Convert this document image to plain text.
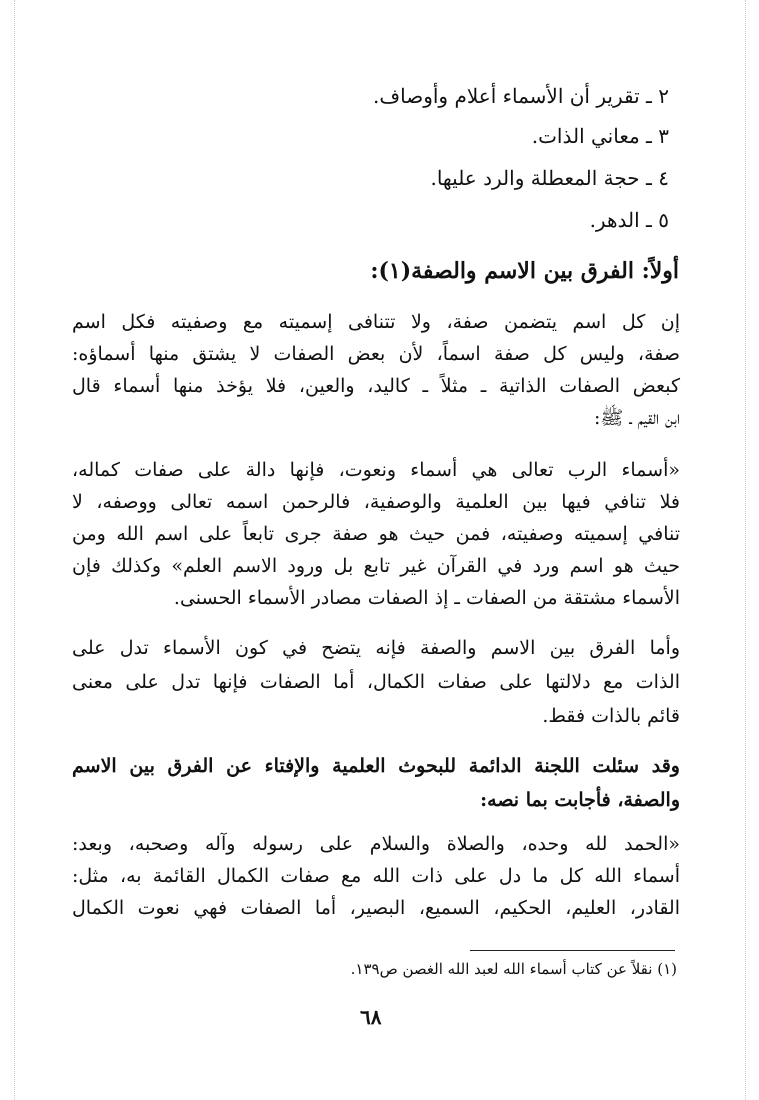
٢ ـ تقرير أن الأسماء أعلام وأوصاف.
٣ ـ معاني الذات.
٤ ـ حجة المعطلة والرد عليها.
٥ ـ الدهر.
أولاً: الفرق بين الاسم والصفة(١):
إن كل اسم يتضمن صفة، ولا تتنافى إسميته مع وصفيته فكل اسم
صفة، وليس كل صفة اسماً، لأن بعض الصفات لا يشتق منها أسماؤه:
كبعض الصفات الذاتية ـ مثلاً ـ كاليد، والعين، فلا يؤخذ منها أسماء قال
ابن القيم ـ ﷺ:
«أسماء الرب تعالى هي أسماء ونعوت، فإنها دالة على صفات كماله،
فلا تنافي فيها بين العلمية والوصفية، فالرحمن اسمه تعالى ووصفه، لا
تنافي إسميته وصفيته، فمن حيث هو صفة جرى تابعاً على اسم الله ومن
حيث هو اسم ورد في القرآن غير تابع بل ورود الاسم العلم» وكذلك فإن
الأسماء مشتقة من الصفات ـ إذ الصفات مصادر الأسماء الحسنى.
وأما الفرق بين الاسم والصفة فإنه يتضح في كون الأسماء تدل على
الذات مع دلالتها على صفات الكمال، أما الصفات فإنها تدل على معنى
قائم بالذات فقط.
وقد سئلت اللجنة الدائمة للبحوث العلمية والإفتاء عن الفرق بين الاسم
والصفة، فأجابت بما نصه:
«الحمد لله وحده، والصلاة والسلام على رسوله وآله وصحبه، وبعد:
أسماء الله كل ما دل على ذات الله مع صفات الكمال القائمة به، مثل:
القادر، العليم، الحكيم، السميع، البصير، أما الصفات فهي نعوت الكمال
(١) نقلاً عن كتاب أسماء الله لعبد الله الغصن ص١٣٩.
٦٨
